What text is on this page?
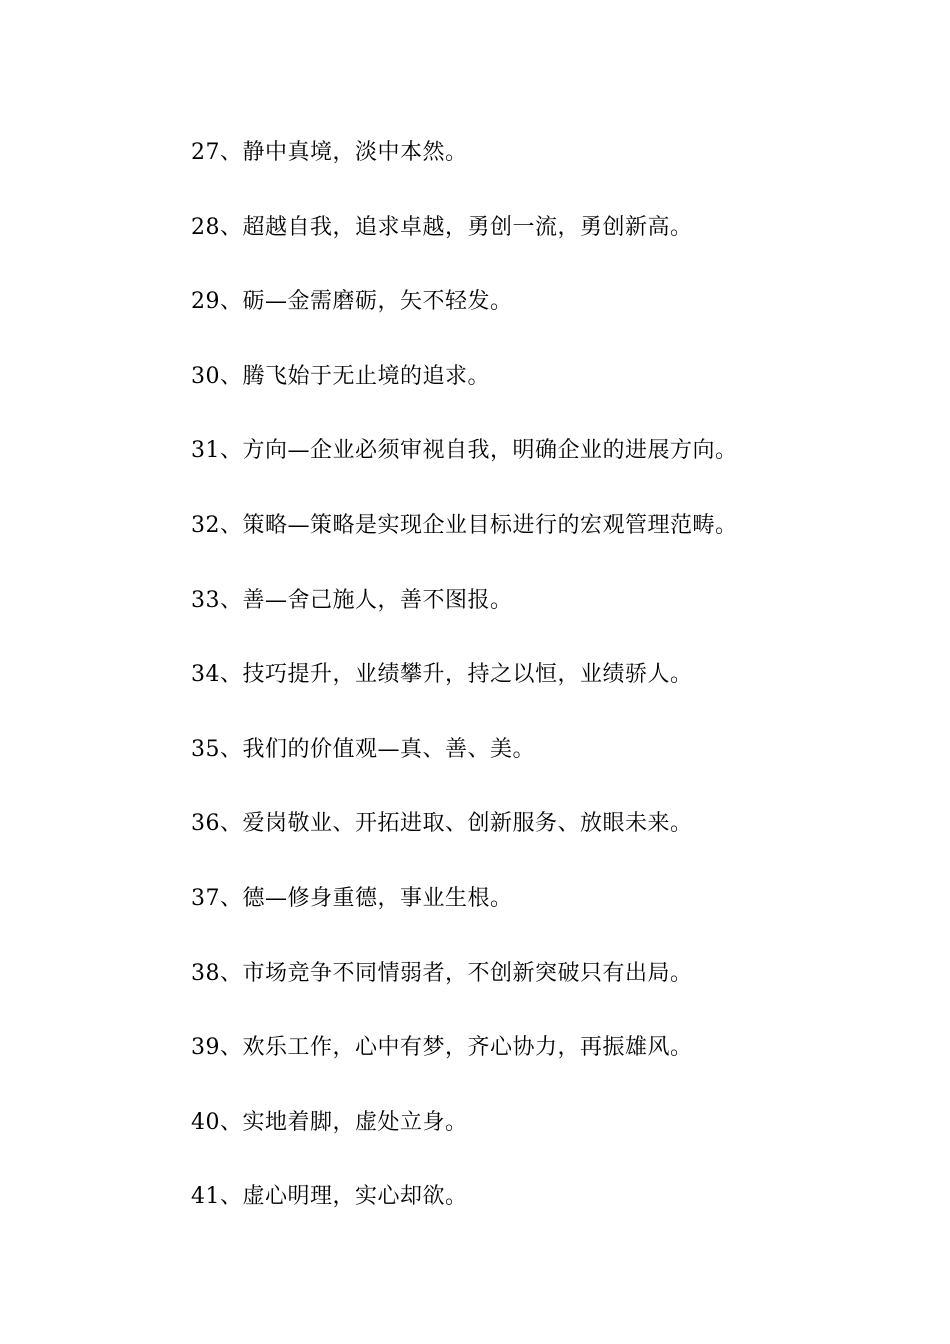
27、静中真境，淡中本然。
28、超越自我，追求卓越，勇创一流，勇创新高。
29、砺—金需磨砺，矢不轻发。
30、腾飞始于无止境的追求。
31、方向—企业必须审视自我，明确企业的进展方向。
32、策略—策略是实现企业目标进行的宏观管理范畴。
33、善—舍己施人，善不图报。
34、技巧提升，业绩攀升，持之以恒，业绩骄人。
35、我们的价值观—真、善、美。
36、爱岗敬业、开拓进取、创新服务、放眼未来。
37、德—修身重德，事业生根。
38、市场竞争不同情弱者，不创新突破只有出局。
39、欢乐工作，心中有梦，齐心协力，再振雄风。
40、实地着脚，虚处立身。
41、虚心明理，实心却欲。
